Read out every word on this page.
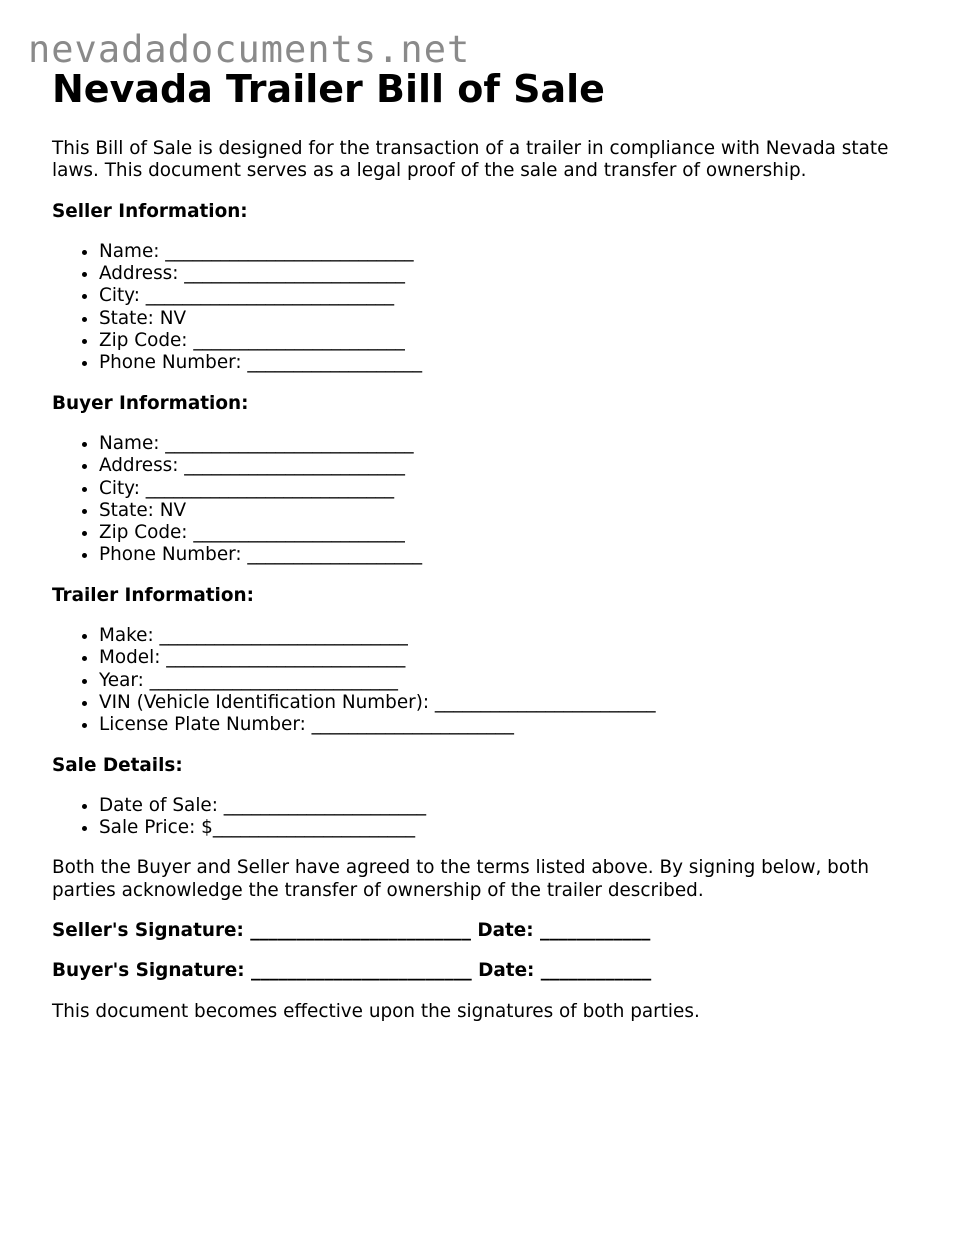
nevadadocuments.net
Nevada Trailer Bill of Sale

This Bill of Sale is designed for the transaction of a trailer in compliance with Nevada state laws. This document serves as a legal proof of the sale and transfer of ownership.

Seller Information:
• Name: ___________________________
• Address: ________________________
• City: ___________________________
• State: NV
• Zip Code: _______________________
• Phone Number: ___________________
Buyer Information:
• Name: ___________________________
• Address: ________________________
• City: ___________________________
• State: NV
• Zip Code: _______________________
• Phone Number: ___________________
Trailer Information:
• Make: ___________________________
• Model: __________________________
• Year: ___________________________
• VIN (Vehicle Identification Number): ________________________
• License Plate Number: ______________________
Sale Details:
• Date of Sale: ______________________
• Sale Price: $______________________

Both the Buyer and Seller have agreed to the terms listed above. By signing below, both parties acknowledge the transfer of ownership of the trailer described.

Seller's Signature: ________________________ Date: ____________

Buyer's Signature: ________________________ Date: ____________

This document becomes effective upon the signatures of both parties.
